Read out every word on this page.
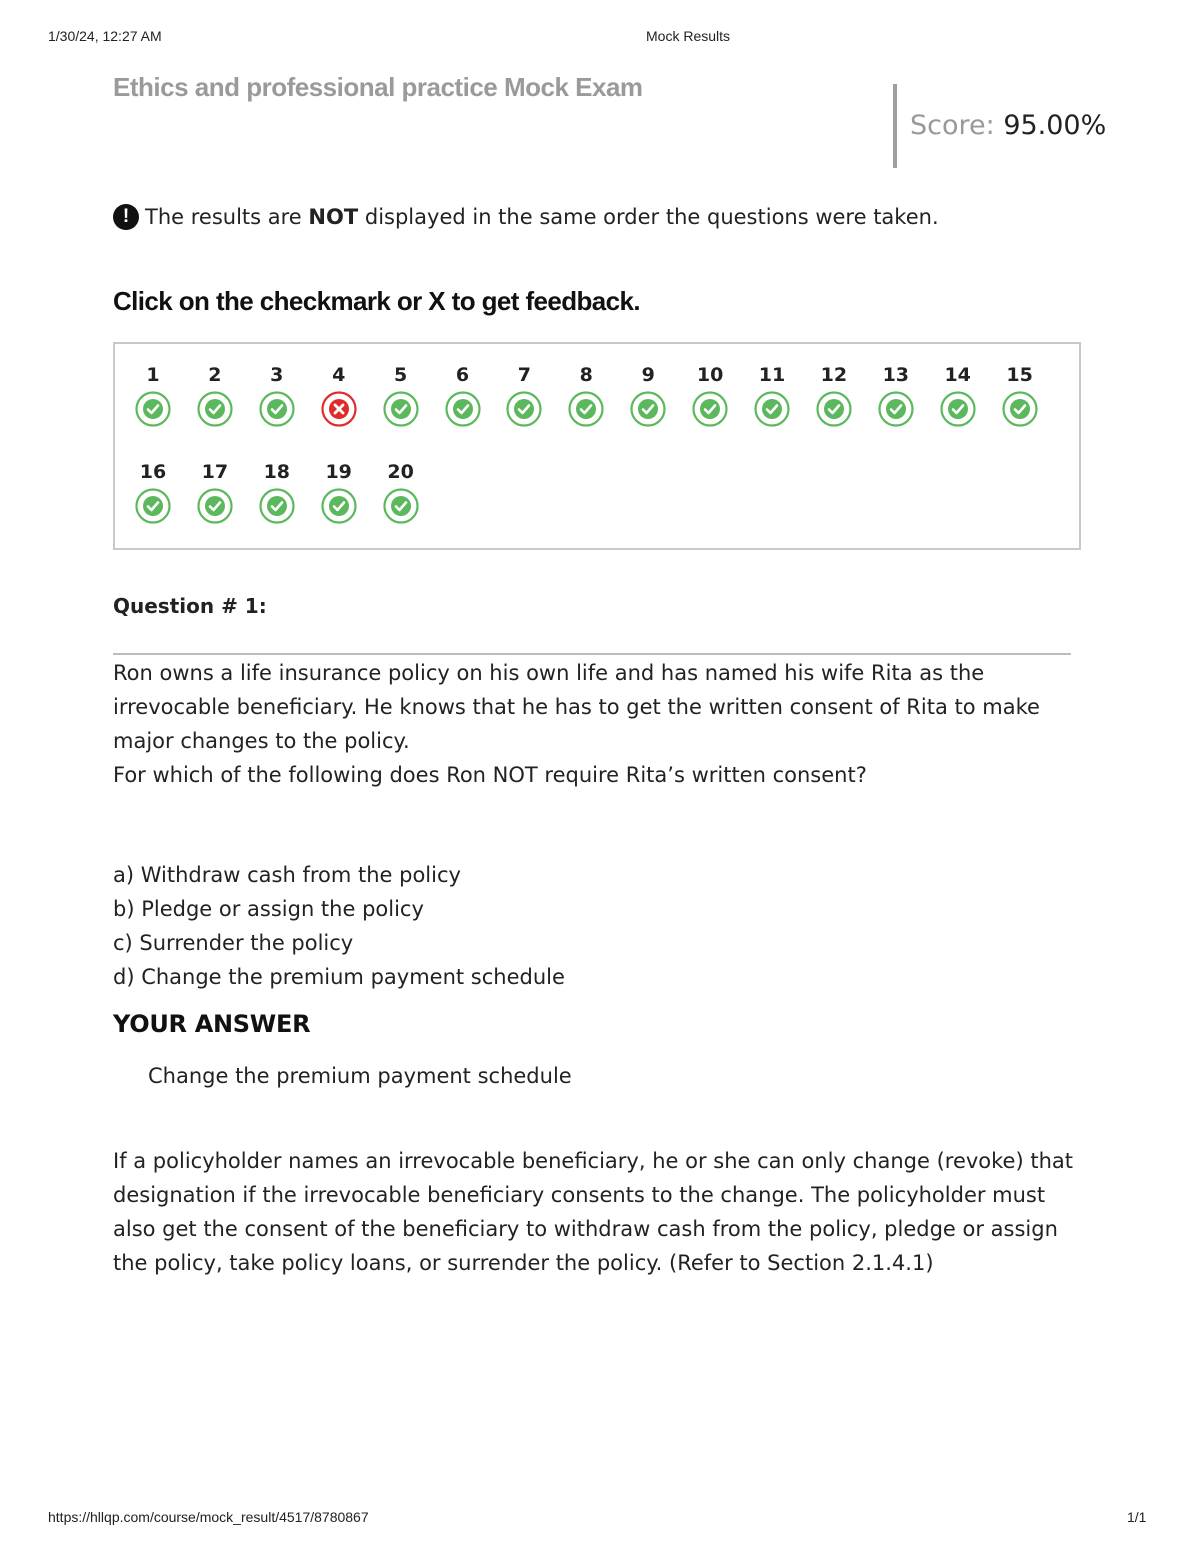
1/30/24, 12:27 AM	Mock Results
Ethics and professional practice Mock Exam
Score: 95.00%
! The results are
NOT
displayed in the same order the questions were taken.
Click on the checkmark or X to get feedback.
1	2	3	4	5	6	7	8	9	10	11	12	13	14	15
16	17	18	19	20
Question # 1:
Ron owns a life insurance policy on his own life and has named his wife Rita as the irrevocable beneficiary. He knows that he has to get the written consent of Rita to make major changes to the policy.
For which of the following does Ron NOT require Rita’s written consent?
a) Withdraw cash from the policy
b) Pledge or assign the policy
c) Surrender the policy
d) Change the premium payment schedule
YOUR ANSWER
Change the premium payment schedule

If a policyholder names an irrevocable beneficiary, he or she can only change (revoke) that designation if the irrevocable beneficiary consents to the change. The policyholder must also get the consent of the beneficiary to withdraw cash from the policy, pledge or assign the policy, take policy loans, or surrender the policy. (Refer to Section 2.1.4.1)

https://hllqp.com/course/mock_result/4517/8780867	1/1
